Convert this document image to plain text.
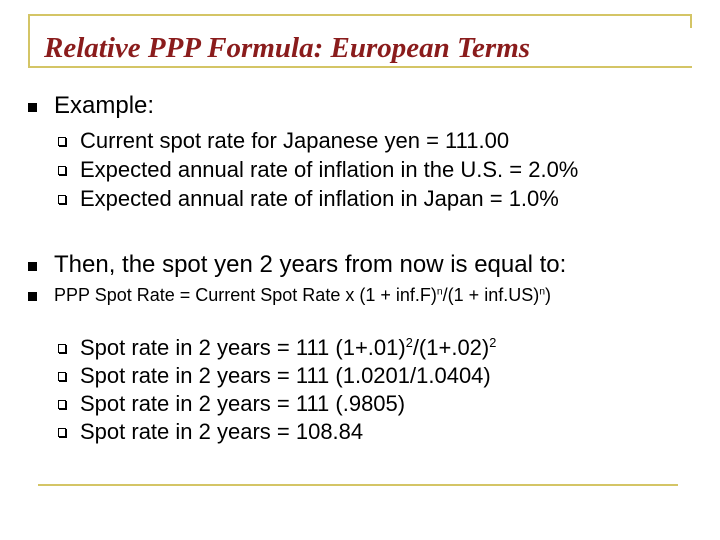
Relative PPP Formula: European Terms

Example:

Current spot rate for Japanese yen = 111.00

Expected annual rate of inflation in the U.S. = 2.0%

Expected annual rate of inflation in Japan = 1.0%

Then, the spot yen 2 years from now is equal to:

PPP Spot Rate = Current Spot Rate x $(1 + inf.F)^n/(1 + inf.US)^n$)

Spot rate in 2 years = 111 $(1+.01)^2/(1+.02)^2$

Spot rate in 2 years = 111 (1.0201/1.0404)

Spot rate in 2 years = 111 (.9805)

Spot rate in 2 years = 108.84
